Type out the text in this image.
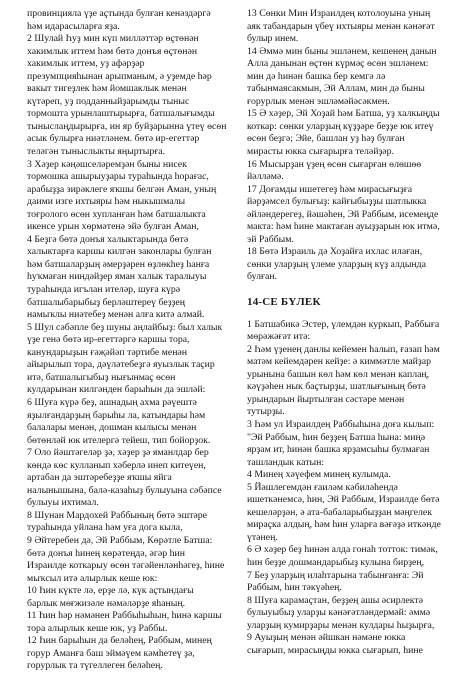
провинцияла үҙе аҫтында булған кенәздәргә
һәм идарасыларға яҙа.

2 Шулай Һуҙ мин күп милләттәр өҫтөнән
хакимлык иттем һәм бөтә донъя өҫтөнән
хакимлык иттем, уҙ афәрҙәр
презумпцияһынан арыпманым, ә уҙемде һәр
вакыт тигеҙлек һәм йомшаклык менән
күтәреп, уҙ подданныйҙарымды тыныс
тормошта урынлаштырырға, батшалығымды
тыныслаңдырырға, ин яр буйҙарынна үтеү өсөн
асык булырға ниәтләнем. бөтә ир-егеттәр
теләгән тыныслыкты яңыртырға.

3 Хәҙер кәңәшселәремҙән быны нисек
тормошка ашырыуҙары тураһында һорағас,
арабыҙҙа зирәклеге яҡшы белгән Аман, уның
даими изге ихтыяры һәм ныкышмалы
тоғролого өсөн хупланған һәм батшалыкта
икенсе урын хөрмәтенә эйә булған Аман,

4 Беҙгә бөтә донъя халыктарында бөтә
халыктарға каршы килгән законлары булған
һәм батшаларҙың әмерҙәрен өҙлөкһеҙ һанға
һуҡмаған ниндәйҙер яман халык таралыуы
тураһында игълан ителәр, шуға күрә
батшалыбарыбыҙ берләштереү беҙҙең
намыҡлы ниәтебеҙ менән алға китә алмай.

5 Шул сәбәпле беҙ шуны аңлайбыҙ: был халык
үҙе генә бөтә ир-егеттәргә каршы тора,
канундарыҙын ғәҗәйәп тәртибе менән
айырылып тора, дәүләтебеҙгә яуызлык таҫир
итә, батшалыгыбыҙ нығынмаҫ өсөн
кулдарынан килгәнден барыһын да эшләй:

6 Шуға күрә беҙ, ашнадың ахма рәүештә
яҙылғандарҙың барыһы ла, катындары һәм
балалары менән, дошман кылысы менән
бөтөнләй юк ителергә тейеш, тип бойорҙок.

7 Оло йәштәгеләр ҙә, хәҙер ҙә яманлдар бер
көндә көс кулланып хәберлә инеп китеүен,
артабан да эштәребеҙҙе яҡшы яйга
налынышына, балә-казаһыҙ булыуына сәбәпсе
булыуы ихтимал.

8 Шунан Мардохей Раббының бөтә эштәре
тураһында уйлана һәм уға дога кыла,

9 Әйтеребен дә, Эй Раббым, Көрәтле Батша:
бөтә донъя һинең көрәтеңдә, әгәр һин
Израилде коткарыу өсөн тәгәйенләнһәгеҙ, һине
мыҡсыл итә алырлык кеше юк:

10 Һин күкте лә, ерҙе лә, күк аҫтындағы
барлык мөғжизәле нәмәләрҙе яһаның.

11 Һин һәр нәмәнен Раббыһыһын, һинә каршы
тора алырлык кеше юк, уҙ Раббы.

12 Һин барыһын да беләһең, Раббым, минең
горур Аманға баш эймәүем кәмһетеү ҙә,
горурлык та түгеллеген беләһең.

13 Сөнки Мин Израилдең котолоуына уның
аяк табандарын үбеү ихтыяры менән кәнәғәт
булыр инем.

14 Әммә мин быны эшләнем, кешенең данын
Алла данынан өҫтөн күрмәҫ өсөн эшләнем:
мин дә һинән башка бер кемгә лә
табынмаясакмын, Эй Аллам, мин дә быны
ғорурлык менән эшләмәйәсәкмен.

15 Ә хәҙер, Эй Хоҙай һәм Батша, уҙ халкыңды
коткар: сөнки уларҙың күҙҙәре беҙҙе юк итеү
өсөн беҙгә; Эйе, башлан уҙ һәҙ булған
мирасты юкка сығарырға теләйҙәр.

16 Мысырҙан үҙең өсөн сығарған өлөшөө
йәлләмә.

17 Доғамды ишетегеҙ һәм мирасығыҙға
йәрҙәмсел булығыҙ: кайғыбыҙҙы шатлыкка
әйләндерегеҙ, йәшәһен, Эй Раббым, исемеңде
макта: һәм һине мактаған ауыҙҙарын юк итмә,
эй Раббым.

18 Бөтә Израиль дә Хоҙайға ихлас илаған,
сөнки уларҙың үлеме уларҙың күҙ алдында
булған.

14-СЕ БҮЛЕК

1 Батшабикә Эстер, үлемдән куркып, Раббыға
мөрәжәғәт итә:

2 Һәм үҙенең данлы кейемен һалып, ғазап һәм
матәм кейемдәрен кейҙе: ә киммәтле майҙар
урынына башын көл һәм көл менән каплаң,
кәүҙәһен нык баҫтырҙы, шатлығының бөтә
урындарын йыртылған сәстәре менән
тутырҙы.

3 Һәм ул Израилдең Раббыһына доға кылып:
"Эй Раббым, һин беҙҙең Батша һына: миңә
ярҙам ит, һинән башка ярҙамсыһы булмаған
ташландык катын:

4 Минең хәүефем минең кулымда.

5 Йәшлегемдән ғаиләм кәбиләһендә
ишеткәнемсә, һин, Эй Раббым, Израилде бөтә
кешеләрҙән, ә ата-бабаларыбыҙҙан мәңгелек
мираҫка алдың, һәм һин уларға вәғәҙә иткәнде
үтәнең.

6 Ә хәҙер беҙ һинән алда гонаһ тотток: тимәк,
һин беҙҙе дошмандарыбыҙ кулына бирҙең,

7 Беҙ уларҙың илаһтарына табынғанға: Эй
Раббым, һин тәкүәһең.

8 Шуға карамаҫтан, беҙҙең ашы әсирлектә
булыуыбыҙ уларҙы кәнәғәтләндермәй: әммә
уларҙың кумирҙары менән кулдары һыҙырға,

9 Ауыҙың менән әйшкан нәмәне юкка
сығарып, мирасыңды юкка сығарып, һине
